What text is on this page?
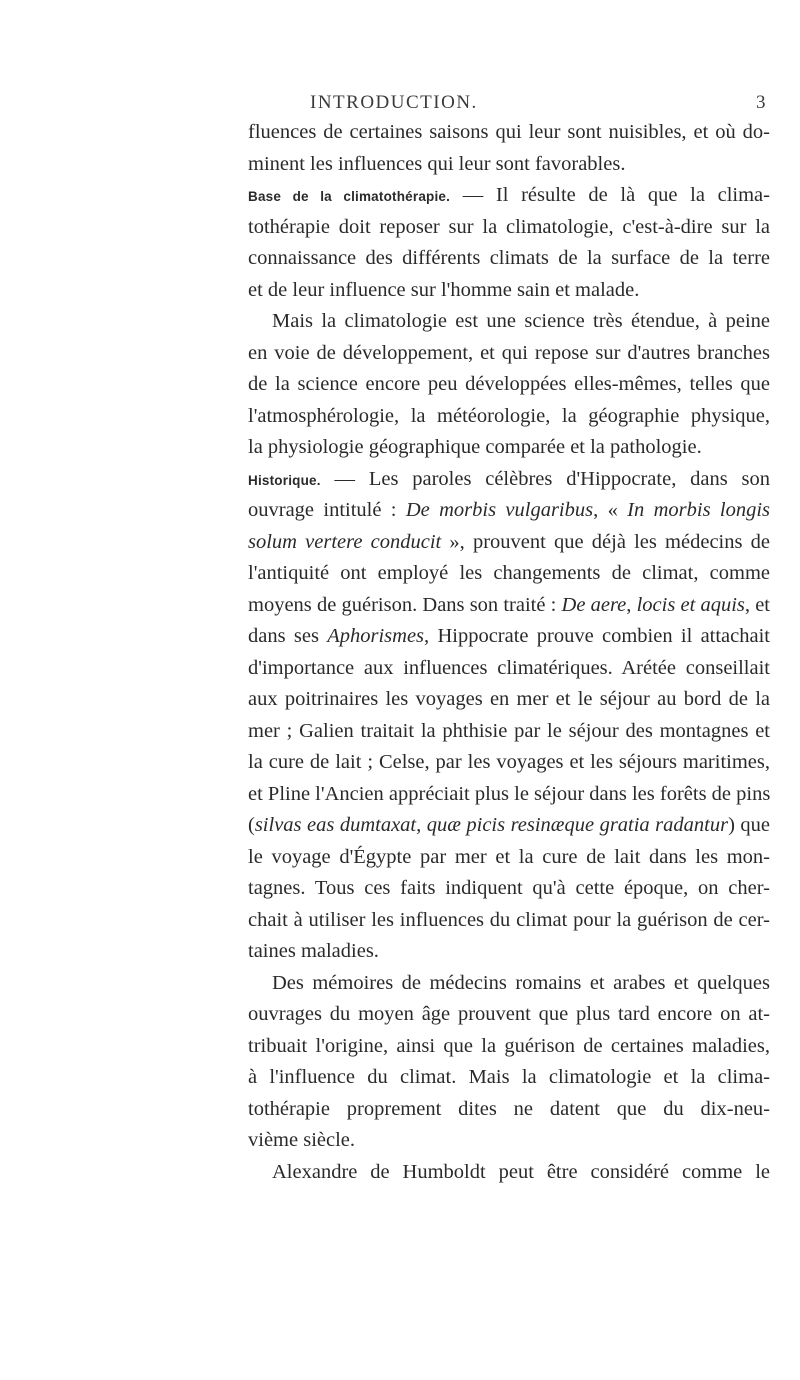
INTRODUCTION.	3
fluences de certaines saisons qui leur sont nuisibles, et où do-
minent les influences qui leur sont favorables.
Base de la climatothérapie. — Il résulte de là que la clima-
tothérapie doit reposer sur la climatologie, c'est-à-dire sur la
connaissance des différents climats de la surface de la terre
et de leur influence sur l'homme sain et malade.
Mais la climatologie est une science très étendue, à peine
en voie de développement, et qui repose sur d'autres branches
de la science encore peu développées elles-mêmes, telles que
l'atmosphérologie, la météorologie, la géographie physique,
la physiologie géographique comparée et la pathologie.
Historique. — Les paroles célèbres d'Hippocrate, dans son
ouvrage intitulé : De morbis vulgaribus, « In morbis longis
solum vertere conducit », prouvent que déjà les médecins de
l'antiquité ont employé les changements de climat, comme
moyens de guérison. Dans son traité : De aere, locis et aquis, et
dans ses Aphorismes, Hippocrate prouve combien il attachait
d'importance aux influences climatériques. Arétée conseillait
aux poitrinaires les voyages en mer et le séjour au bord de la
mer ; Galien traitait la phthisie par le séjour des montagnes et
la cure de lait ; Celse, par les voyages et les séjours maritimes,
et Pline l'Ancien appréciait plus le séjour dans les forêts de pins
(silvas eas dumtaxat, quæ picis resinæque gratia radantur) que
le voyage d'Égypte par mer et la cure de lait dans les mon-
tagnes. Tous ces faits indiquent qu'à cette époque, on cher-
chait à utiliser les influences du climat pour la guérison de cer-
taines maladies.
Des mémoires de médecins romains et arabes et quelques
ouvrages du moyen âge prouvent que plus tard encore on at-
tribuait l'origine, ainsi que la guérison de certaines maladies,
à l'influence du climat. Mais la climatologie et la clima-
tothérapie proprement dites ne datent que du dix-neu-
vième siècle.
Alexandre de Humboldt peut être considéré comme le
